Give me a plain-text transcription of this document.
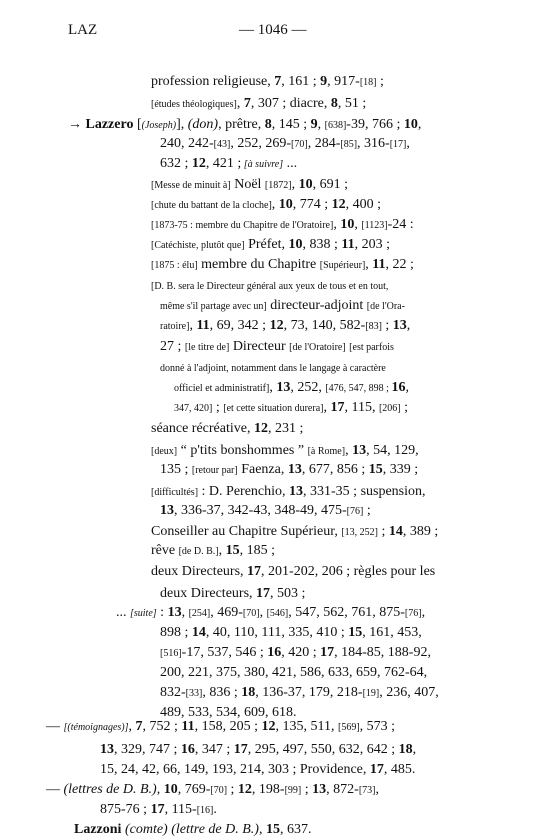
LAZ	— 1046 —
profession religieuse, 7, 161 ; 9, 917-[18] ;
[études théologiques], 7, 307 ; diacre, 8, 51 ;
→ Lazzero [(Joseph)], (don), prêtre, 8, 145 ; 9, [638]-39, 766 ; 10,
240, 242-[43], 252, 269-[70], 284-[85], 316-[17],
632 ; 12, 421 ; [à suivre] ...
[Messe de minuit à] Noël [1872], 10, 691 ;
[chute du battant de la cloche], 10, 774 ; 12, 400 ;
[1873-75 : membre du Chapitre de l'Oratoire], 10, [1123]-24 :
[Catéchiste, plutôt que] Préfet, 10, 838 ; 11, 203 ;
[1875 : élu] membre du Chapitre [Supérieur], 11, 22 ;
[D. B. sera le Directeur général aux yeux de tous et en tout,
même s'il partage avec un] directeur-adjoint [de l'Ora-
ratoire], 11, 69, 342 ; 12, 73, 140, 582-[83] ; 13,
27 ; [le titre de] Directeur [de l'Oratoire] [est parfois
donné à l'adjoint, notamment dans le langage à caractère
officiel et administratif], 13, 252, [476, 547, 898 ; 16,
347, 420] ; [et cette situation durera], 17, 115, [206] ;
séance récréative, 12, 231 ;
[deux] “ p'tits bonshommes ” [à Rome], 13, 54, 129,
135 ; [retour par] Faenza, 13, 677, 856 ; 15, 339 ;
[difficultés] : D. Perenchio, 13, 331-35 ; suspension,
13, 336-37, 342-43, 348-49, 475-[76] ;
Conseiller au Chapitre Supérieur, [13, 252] ; 14, 389 ;
rêve [de D. B.], 15, 185 ;
deux Directeurs, 17, 201-202, 206 ; règles pour les
deux Directeurs, 17, 503 ;
... [suite] : 13, [254], 469-[70], [546], 547, 562, 761, 875-[76],
898 ; 14, 40, 110, 111, 335, 410 ; 15, 161, 453,
[516]-17, 537, 546 ; 16, 420 ; 17, 184-85, 188-92,
200, 221, 375, 380, 421, 586, 633, 659, 762-64,
832-[33], 836 ; 18, 136-37, 179, 218-[19], 236, 407,
489, 533, 534, 609, 618.
— [(témoignages)], 7, 752 ; 11, 158, 205 ; 12, 135, 511, [569], 573 ;
13, 329, 747 ; 16, 347 ; 17, 295, 497, 550, 632, 642 ; 18,
15, 24, 42, 66, 149, 193, 214, 303 ; Providence, 17, 485.
— (lettres de D. B.), 10, 769-[70] ; 12, 198-[99] ; 13, 872-[73],
875-76 ; 17, 115-[16].
Lazzoni (comte) (lettre de D. B.), 15, 637.
